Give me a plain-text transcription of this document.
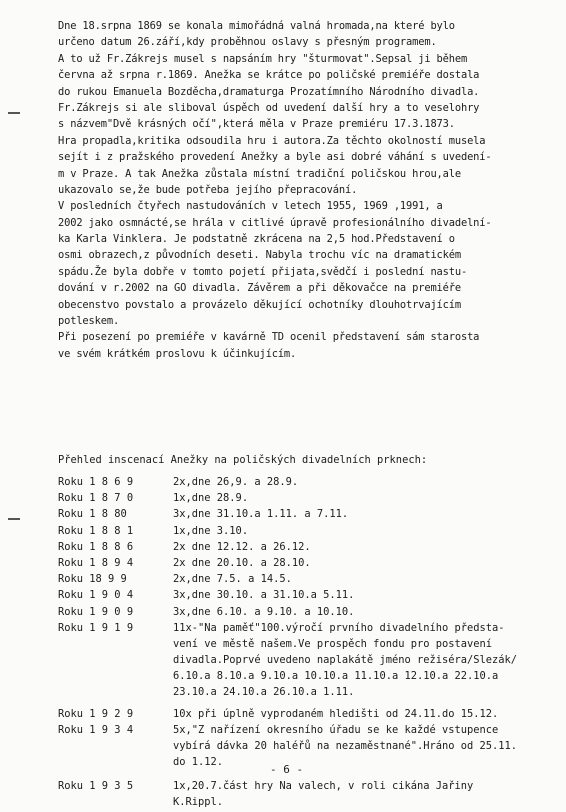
Dne 18.srpna 1869 se konala mimořádná valná hromada,na které bylo
určeno datum 26.září,kdy proběhnou oslavy s přesným programem.
A to už Fr.Zákrejs musel s napsáním hry "šturmovat".Sepsal ji během
června až srpna r.1869. Anežka se krátce po poličské premiéře dostala
do rukou Emanuela Bozděcha,dramaturga Prozatímního Národního divadla.
Fr.Zákrejs si ale sliboval úspěch od uvedení další hry a to veselohry
s názvem"Dvě krásných očí",která měla v Praze premiéru 17.3.1873.
Hra propadla,kritika odsoudila hru i autora.Za těchto okolností musela
sejít i z pražského provedení Anežky a byle asi dobré váhání s uvedení-
m v Praze. A tak Anežka zůstala místní tradiční poličskou hrou,ale
ukazovalo se,že bude potřeba jejího přepracování.
V posledních čtyřech nastudováních v letech 1955, 1969 ,1991, a
2002 jako osmnácté,se hrála v citlivé úpravě profesionálního divadelní-
ka Karla Vinklera. Je podstatně zkrácena na 2,5 hod.Představení o
osmi obrazech,z původních deseti. Nabyla trochu víc na dramatickém
spádu.Že byla dobře v tomto pojetí přijata,svědčí i poslední nastu-
dování v r.2002 na GO divadla. Závěrem a při děkovačce na premiéře
obecenstvo povstalo a provázelo děkující ochotníky dlouhotrvajícím
potleskem.
Při posezení po premiéře v kavárně TD ocenil představení sám starosta
ve svém krátkém proslovu k účinkujícím.
Přehled inscenací Anežky na poličských divadelních prknech:
Roku 1 8 6 9	2x,dne 26,9. a 28.9.
Roku 1 8 7 0	1x,dne 28.9.
Roku 1 8 80	3x,dne 31.10.a 1.11. a 7.11.
Roku 1 8 8 1	1x,dne 3.10.
Roku 1 8 8 6	2x dne 12.12. a 26.12.
Roku 1 8 9 4	2x dne 20.10. a 28.10.
Roku 18 9 9	2x,dne 7.5. a 14.5.
Roku 1 9 0 4	3x,dne 30.10. a 31.10.a 5.11.
Roku 1 9 0 9	3x,dne 6.10. a 9.10. a 10.10.
Roku 1 9 1 9	11x-"Na paměť"100.výročí prvního divadelního předsta-
vení ve městě našem.Ve prospěch fondu pro postavení
divadla.Poprvé uvedeno naplakátě jméno režiséra/Slezák/
6.10.a 8.10.a 9.10.a 10.10.a 11.10.a 12.10.a 22.10.a
23.10.a 24.10.a 26.10.a 1.11.
Roku 1 9 2 9	10x při úplně vyprodaném hledišti od 24.11.do 15.12.
Roku 1 9 3 4	5x,"Z nařízení okresního úřadu se ke každé vstupence
vybírá dávka 20 haléřů na nezaměstnané".Hráno od 25.11.
do 1.12.
Roku 1 9 3 5	1x,20.7.část hry Na valech, v roli cikána Jařiny
K.Rippl.
- 6 -
